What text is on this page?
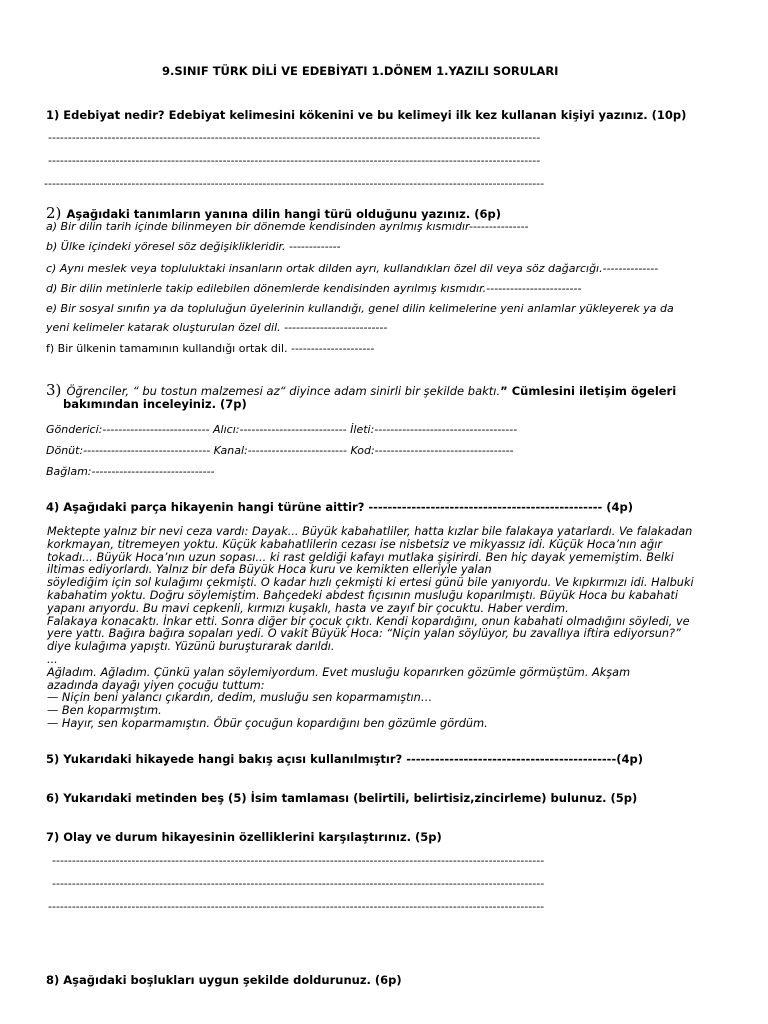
9.SINIF TÜRK DİLİ VE EDEBİYATI 1.DÖNEM 1.YAZILI SORULARI
1) Edebiyat nedir? Edebiyat kelimesini kökenini ve bu kelimeyi ilk kez kullanan kişiyi yazınız. (10p)
----------------------------------------------------------------------------------------------------------------------------
----------------------------------------------------------------------------------------------------------------------------
------------------------------------------------------------------------------------------------------------------------------
2) Aşağıdaki tanımların yanına dilin hangi türü olduğunu yazınız. (6p)
a) Bir dilin tarih içinde bilinmeyen bir dönemde kendisinden ayrılmış kısmıdır---------------
b) Ülke içindeki yöresel söz değişiklikleridir. -------------
c) Aynı meslek veya topluluktaki insanların ortak dilden ayrı, kullandıkları özel dil veya söz dağarcığı.--------------
d) Bir dilin metinlerle takip edilebilen dönemlerde kendisinden ayrılmış kısmıdır.------------------------
e) Bir sosyal sınıfın ya da topluluğun üyelerinin kullandığı, genel dilin kelimelerine yeni anlamlar yükleyerek ya da
yeni kelimeler katarak oluşturulan özel dil. --------------------------
f) Bir ülkenin tamamının kullandığı ortak dil. ---------------------
3) Öğrenciler, “ bu tostun malzemesi az“ diyince adam sinirli bir şekilde baktı.” Cümlesini iletişim ögeleri
bakımından inceleyiniz. (7p)
Gönderici:--------------------------- Alıcı:--------------------------- İleti:------------------------------------
Dönüt:-------------------------------- Kanal:------------------------- Kod:-----------------------------------
Bağlam:-------------------------------
4) Aşağıdaki parça hikayenin hangi türüne aittir? ------------------------------------------------- (4p)
Mektepte yalnız bir nevi ceza vardı: Dayak... Büyük kabahatliler, hatta kızlar bile falakaya yatarlardı. Ve falakadan
korkmayan, titremeyen yoktu. Küçük kabahatlilerin cezası ise nisbetsiz ve mikyassız idi. Küçük Hoca’nın ağır
tokadı... Büyük Hoca’nın uzun sopası... ki rast geldiği kafayı mutlaka şişirirdi. Ben hiç dayak yememiştim. Belki
iltimas ediyorlardı. Yalnız bir defa Büyük Hoca kuru ve kemikten elleriyle yalan
söylediğim için sol kulağımı çekmişti. O kadar hızlı çekmişti ki ertesi günü bile yanıyordu. Ve kıpkırmızı idi. Halbuki
kabahatim yoktu. Doğru söylemiştim. Bahçedeki abdest fıçısının musluğu koparılmıştı. Büyük Hoca bu kabahati
yapanı arıyordu. Bu mavi cepkenli, kırmızı kuşaklı, hasta ve zayıf bir çocuktu. Haber verdim.
Falakaya konacaktı. İnkar etti. Sonra diğer bir çocuk çıktı. Kendi kopardığını, onun kabahati olmadığını söyledi, ve
yere yattı. Bağıra bağıra sopaları yedi. O vakit Büyük Hoca: “Niçin yalan söylüyor, bu zavallıya iftira ediyorsun?”
diye kulağıma yapıştı. Yüzünü buruşturarak darıldı.
...
Ağladım. Ağladım. Çünkü yalan söylemiyordum. Evet musluğu koparırken gözümle görmüştüm. Akşam
azadında dayağı yiyen çocuğu tuttum:
— Niçin beni yalancı çıkardın, dedim, musluğu sen koparmamıştın…
— Ben koparmıştım.
— Hayır, sen koparmamıştın. Öbür çocuğun kopardığını ben gözümle gördüm.
5) Yukarıdaki hikayede hangi bakış açısı kullanılmıştır? --------------------------------------------(4p)
6) Yukarıdaki metinden beş (5) İsim tamlaması (belirtili, belirtisiz,zincirleme) bulunuz. (5p)
7) Olay ve durum hikayesinin özelliklerini karşılaştırınız. (5p)
----------------------------------------------------------------------------------------------------------------------------
----------------------------------------------------------------------------------------------------------------------------
-----------------------------------------------------------------------------------------------------------------------------
8) Aşağıdaki boşlukları uygun şekilde doldurunuz. (6p)
